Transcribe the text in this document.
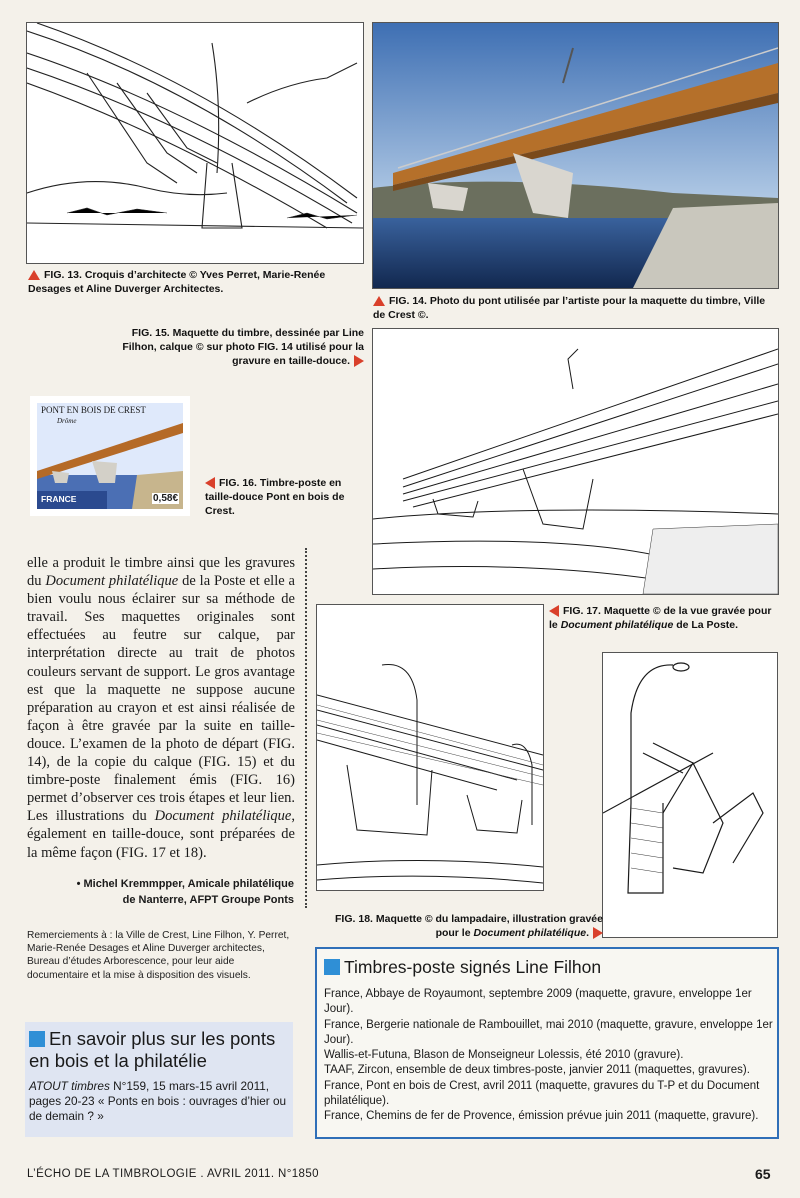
FIG. 13. Croquis d’architecte © Yves Perret, Marie-Renée Desages et Aline Duverger Architectes.
FIG. 14. Photo du pont utilisée par l’artiste pour la maquette du timbre, Ville de Crest ©.
FIG. 15. Maquette du timbre, dessinée par Line Filhon, calque © sur photo FIG. 14 utilisé pour la gravure en taille-douce.
PONT EN BOIS DE CREST
Drôme
FRANCE	0,58€
FIG. 16. Timbre-poste en taille-douce Pont en bois de Crest.

elle a produit le timbre ainsi que les gravures du Document philatélique de la Poste et elle a bien voulu nous éclairer sur sa méthode de travail. Ses maquettes originales sont effectuées au feutre sur calque, par interprétation directe au trait de photos couleurs servant de support. Le gros avantage est que la maquette ne suppose aucune préparation au crayon et est ainsi réalisée de façon à être gravée par la suite en taille-douce. L’examen de la photo de départ (FIG. 14), de la copie du calque (FIG. 15) et du timbre-poste finalement émis (FIG. 16) permet d’observer ces trois étapes et leur lien. Les illustrations du Document philatélique, également en taille-douce, sont préparées de la même façon (FIG. 17 et 18).

• Michel Kremmpper, Amicale philatélique
de Nanterre, AFPT Groupe Ponts
Remerciements à : la Ville de Crest, Line Filhon, Y. Perret, Marie-Renée Desages et Aline Duverger architectes, Bureau d’études Arborescence, pour leur aide documentaire et la mise à disposition des visuels.
FIG. 17. Maquette © de la vue gravée pour le Document philatélique de La Poste.
FIG. 18. Maquette © du lampadaire, illustration gravée pour le Document philatélique.
En savoir plus sur les ponts en bois et la philatélie
ATOUT timbres N°159, 15 mars-15 avril 2011, pages 20-23 « Ponts en bois : ouvrages d’hier ou de demain ? »
Timbres-poste signés Line Filhon
France, Abbaye de Royaumont, septembre 2009 (maquette, gravure, enveloppe 1er Jour).
France, Bergerie nationale de Rambouillet, mai 2010 (maquette, gravure, enveloppe 1er Jour).
Wallis-et-Futuna, Blason de Monseigneur Lolessis, été 2010 (gravure).
TAAF, Zircon, ensemble de deux timbres-poste, janvier 2011 (maquettes, gravures).
France, Pont en bois de Crest, avril 2011 (maquette, gravures du T-P et du Document philatélique).
France, Chemins de fer de Provence, émission prévue juin 2011 (maquette, gravure).
L’ÉCHO DE LA TIMBROLOGIE . AVRIL 2011. N°1850	65
